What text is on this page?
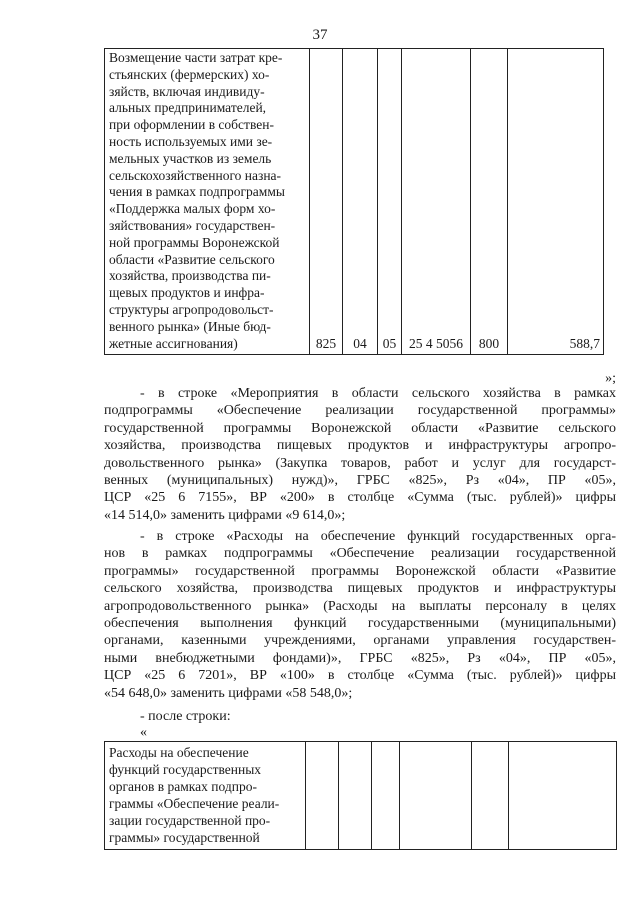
37
Возмещение части затрат кре-
стьянских (фермерских) хо-
зяйств, включая индивиду-
альных предпринимателей,
при оформлении в собствен-
ность используемых ими зе-
мельных участков из земель
сельскохозяйственного назна-
чения в рамках подпрограммы
«Поддержка малых форм хо-
зяйствования» государствен-
ной программы Воронежской
области «Развитие сельского
хозяйства, производства пи-
щевых продуктов и инфра-
структуры агропродовольст-
венного рынка» (Иные бюд-
жетные ассигнования)	825	04	05	25 4 5056	800	588,7
»;
- в строке «Мероприятия в области сельского хозяйства в рамках
подпрограммы «Обеспечение реализации государственной программы»
государственной программы Воронежской области «Развитие сельского
хозяйства, производства пищевых продуктов и инфраструктуры агропро-
довольственного рынка» (Закупка товаров, работ и услуг для государст-
венных (муниципальных) нужд)», ГРБС «825», Рз «04», ПР «05»,
ЦСР «25 6 7155», ВР «200» в столбце «Сумма (тыс. рублей)» цифры
«14 514,0» заменить цифрами «9 614,0»;
- в строке «Расходы на обеспечение функций государственных орга-
нов в рамках подпрограммы «Обеспечение реализации государственной
программы» государственной программы Воронежской области «Развитие
сельского хозяйства, производства пищевых продуктов и инфраструктуры
агропродовольственного рынка» (Расходы на выплаты персоналу в целях
обеспечения выполнения функций государственными (муниципальными)
органами, казенными учреждениями, органами управления государствен-
ными внебюджетными фондами)», ГРБС «825», Рз «04», ПР «05»,
ЦСР «25 6 7201», ВР «100» в столбце «Сумма (тыс. рублей)» цифры
«54 648,0» заменить цифрами «58 548,0»;
- после строки:
«
Расходы на обеспечение
функций государственных
органов в рамках подпро-
граммы «Обеспечение реали-
зации государственной про-
граммы» государственной
